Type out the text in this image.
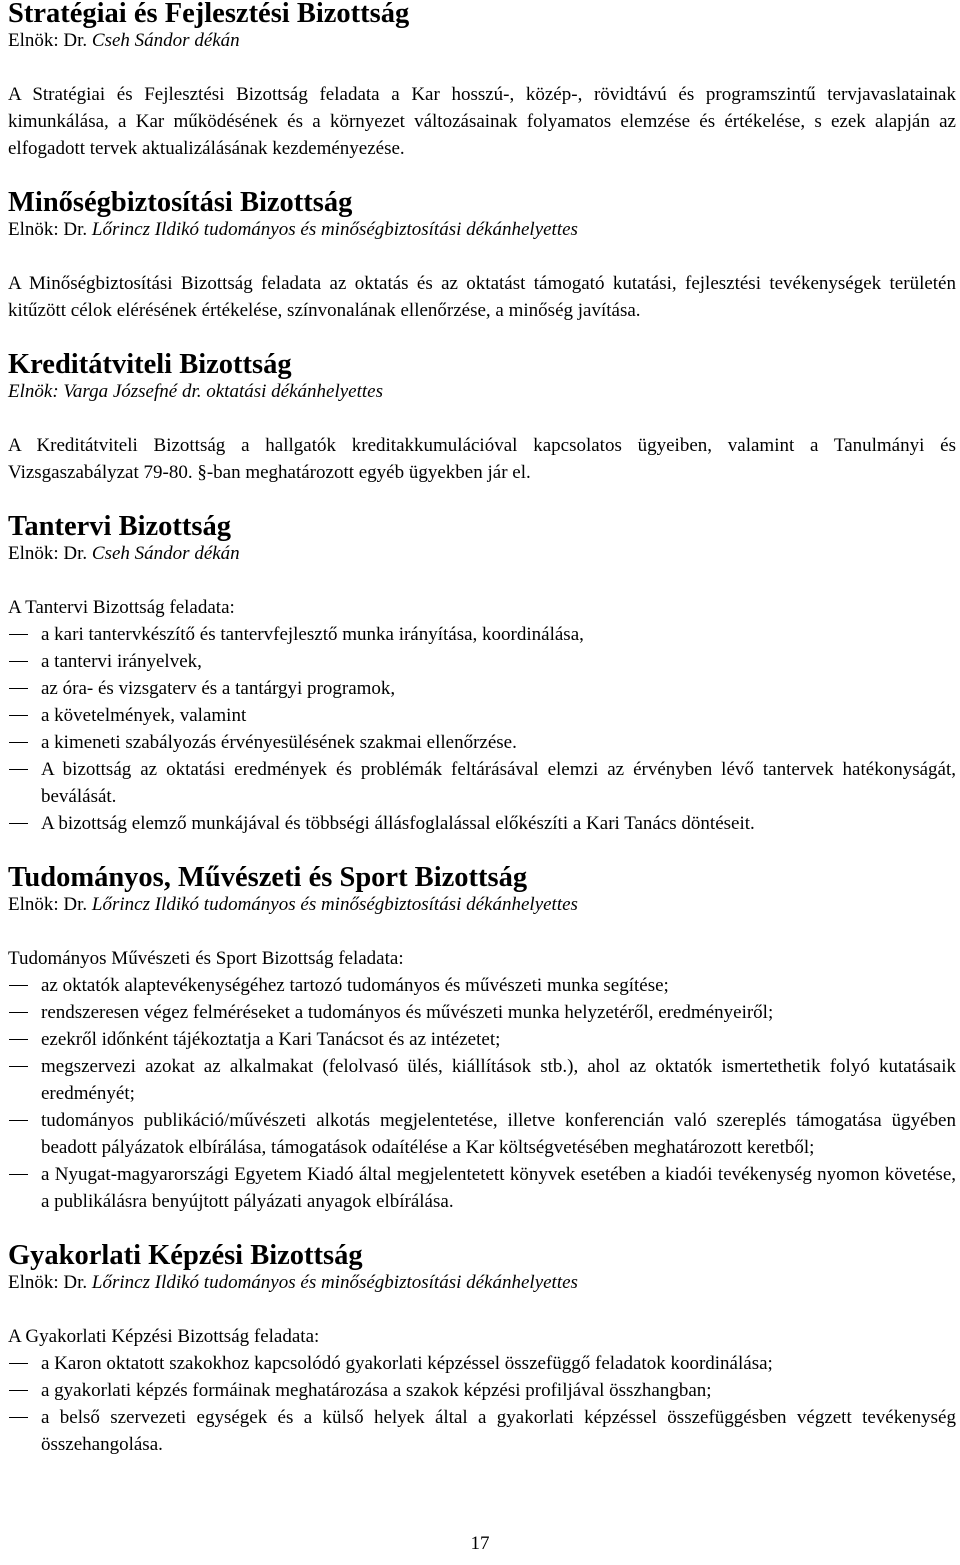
Stratégiai és Fejlesztési Bizottság

Elnök: Dr. Cseh Sándor dékán

A Stratégiai és Fejlesztési Bizottság feladata a Kar hosszú-, közép-, rövidtávú és programszintű tervjavaslatainak kimunkálása, a Kar működésének és a környezet változásainak folyamatos elemzése és értékelése, s ezek alapján az elfogadott tervek aktualizálásának kezdeményezése.

Minőségbiztosítási Bizottság

Elnök: Dr. Lőrincz Ildikó tudományos és minőségbiztosítási dékánhelyettes

A Minőségbiztosítási Bizottság feladata az oktatás és az oktatást támogató kutatási, fejlesztési tevékenységek területén kitűzött célok elérésének értékelése, színvonalának ellenőrzése, a minőség javítása.

Kreditátviteli Bizottság

Elnök: Varga Józsefné dr. oktatási dékánhelyettes

A Kreditátviteli Bizottság a hallgatók kreditakkumulációval kapcsolatos ügyeiben, valamint a Tanulmányi és Vizsgaszabályzat 79-80. §-ban meghatározott egyéb ügyekben jár el.

Tantervi Bizottság

Elnök: Dr. Cseh Sándor dékán

A Tantervi Bizottság feladata:

a kari tantervkészítő és tantervfejlesztő munka irányítása, koordinálása,
a tantervi irányelvek,
az óra- és vizsgaterv és a tantárgyi programok,
a követelmények, valamint
a kimeneti szabályozás érvényesülésének szakmai ellenőrzése.
A bizottság az oktatási eredmények és problémák feltárásával elemzi az érvényben lévő tantervek hatékonyságát, beválását.
A bizottság elemző munkájával és többségi állásfoglalással előkészíti a Kari Tanács döntéseit.
Tudományos, Művészeti és Sport Bizottság

Elnök: Dr. Lőrincz Ildikó tudományos és minőségbiztosítási dékánhelyettes

Tudományos Művészeti és Sport Bizottság feladata:

az oktatók alaptevékenységéhez tartozó tudományos és művészeti munka segítése;
rendszeresen végez felméréseket a tudományos és művészeti munka helyzetéről, eredményeiről;
ezekről időnként tájékoztatja a Kari Tanácsot és az intézetet;
megszervezi azokat az alkalmakat (felolvasó ülés, kiállítások stb.), ahol az oktatók ismertethetik folyó kutatásaik eredményét;
tudományos publikáció/művészeti alkotás megjelentetése, illetve konferencián való szereplés támogatása ügyében beadott pályázatok elbírálása, támogatások odaítélése a Kar költségvetésében meghatározott keretből;
a Nyugat-magyarországi Egyetem Kiadó által megjelentetett könyvek esetében a kiadói tevékenység nyomon követése, a publikálásra benyújtott pályázati anyagok elbírálása.
Gyakorlati Képzési Bizottság

Elnök: Dr. Lőrincz Ildikó tudományos és minőségbiztosítási dékánhelyettes

A Gyakorlati Képzési Bizottság feladata:

a Karon oktatott szakokhoz kapcsolódó gyakorlati képzéssel összefüggő feladatok koordinálása;
a gyakorlati képzés formáinak meghatározása a szakok képzési profiljával összhangban;
a belső szervezeti egységek és a külső helyek által a gyakorlati képzéssel összefüggésben végzett tevékenység összehangolása.
17
